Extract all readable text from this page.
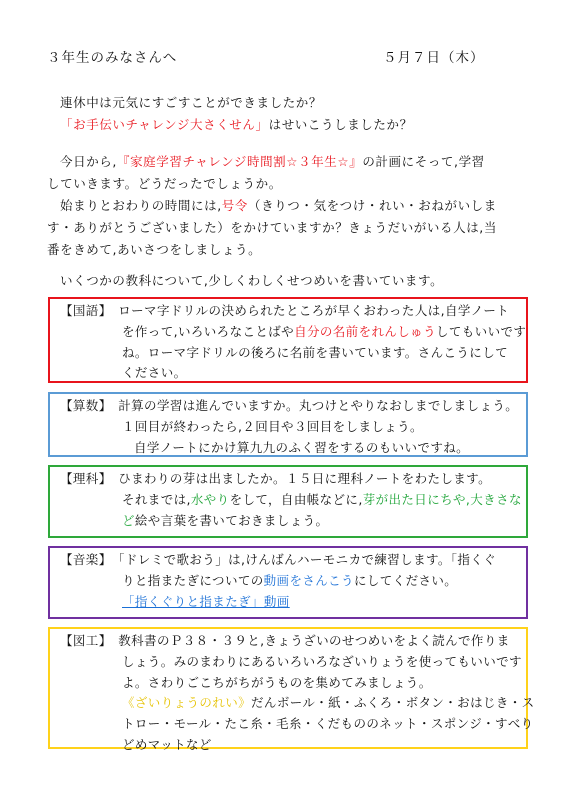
３年生のみなさんへ	５月７日（木）
連休中は元気にすごすことができましたか？
「お手伝いチャレンジ大さくせん」はせいこうしましたか？
今日から,『家庭学習チャレンジ時間割☆３年生☆』の計画にそって,学習
していきます。どうだったでしょうか。
始まりとおわりの時間には,号令（きりつ・気をつけ・れい・おねがいしま
す・ありがとうございました）をかけていますか？きょうだいがいる人は,当
番をきめて,あいさつをしましょう。
いくつかの教科について,少しくわしくせつめいを書いています。
【国語】　ローマ字ドリルの決められたところが早くおわった人は,自学ノート
を作って,いろいろなことばや自分の名前をれんしゅうしてもいいです
ね。ローマ字ドリルの後ろに名前を書いています。さんこうにして
ください。
【算数】　計算の学習は進んでいますか。丸つけとやりなおしまでしましょう。
１回目が終わったら,２回目や３回目をしましょう。
自学ノートにかけ算九九のふく習をするのもいいですね。
【理科】　ひまわりの芽は出ましたか。１５日に理科ノートをわたします。
それまでは,水やりをして，自由帳などに,芽が出た日にちや,大きさな
ど絵や言葉を書いておきましょう。
【音楽】　「ドレミで歌おう」は,けんばんハーモニカで練習します。「指くぐ
りと指またぎについての動画をさんこうにしてください。
「指くぐりと指またぎ」動画
【図工】　教科書のＰ３８・３９と,きょうざいのせつめいをよく読んで作りま
しょう。みのまわりにあるいろいろなざいりょうを使ってもいいです
よ。さわりごこちがちがうものを集めてみましょう。
《ざいりょうのれい》だんボール・紙・ふくろ・ボタン・おはじき・ス
トロー・モール・たこ糸・毛糸・くだもののネット・スポンジ・すべり
どめマットなど
